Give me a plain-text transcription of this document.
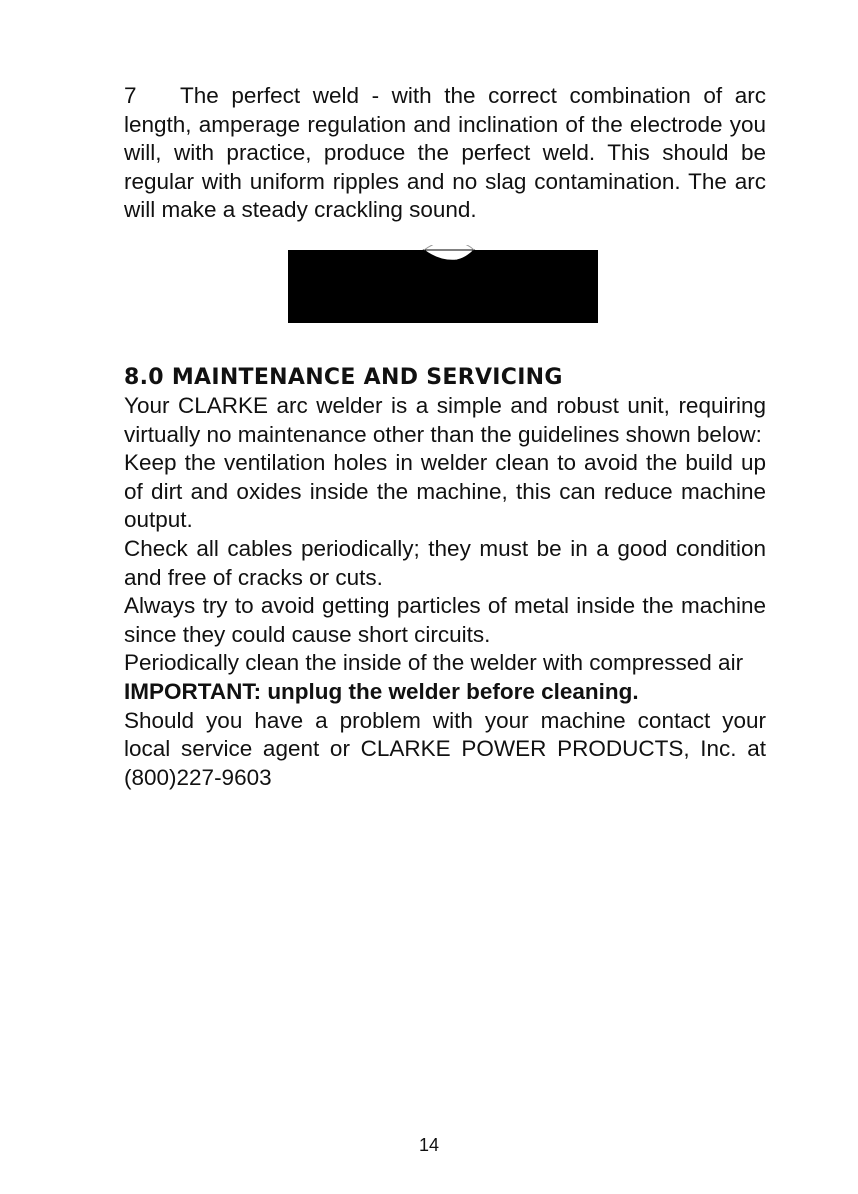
7 The perfect weld - with the correct combination of arc length, amperage regulation and inclination of the electrode you will, with practice, produce the perfect weld. This should be regular with uniform ripples and no slag contamination. The arc will make a steady crackling sound.

8.0 MAINTENANCE AND SERVICING

Your CLARKE arc welder is a simple and robust unit, requiring virtually no maintenance other than the guidelines shown below:

Keep the ventilation holes in welder clean to avoid the build up of dirt and oxides inside the machine, this can reduce machine output.

Check all cables periodically; they must be in a good condition and free of cracks or cuts.

Always try to avoid getting particles of metal inside the machine since they could cause short circuits.

Periodically clean the inside of the welder with compressed air

IMPORTANT: unplug the welder before cleaning.

Should you have a problem with your machine contact your local service agent or CLARKE POWER PRODUCTS, Inc. at (800)227-9603

14
